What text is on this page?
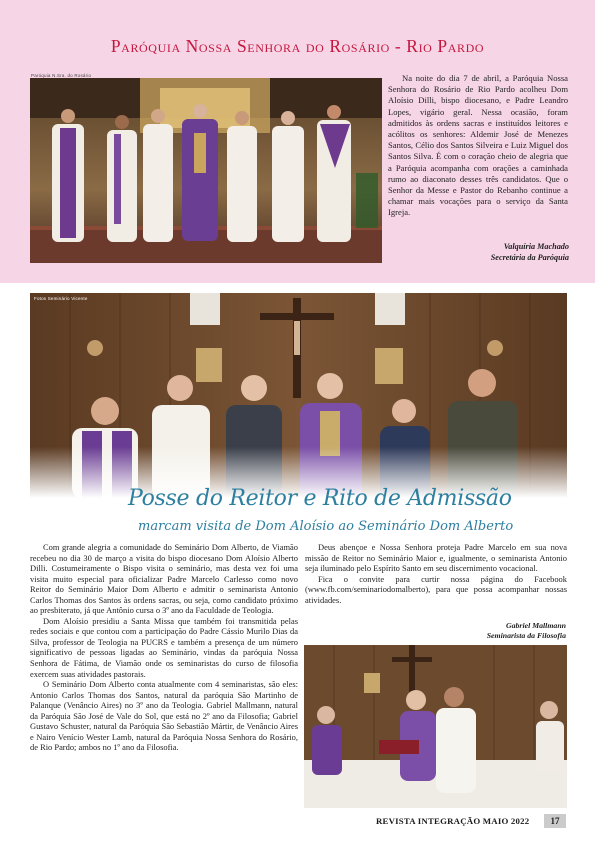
Paróquia Nossa Senhora do Rosário - Rio Pardo
Paróquia N.Sra. do Rosário	Na noite do dia 7 de abril, a Paróquia Nossa Senhora do Rosário de Rio Pardo acolheu Dom Aloísio Dilli, bispo diocesano, e Padre Leandro Lopes, vigário geral. Nessa ocasião, foram admitidos às ordens sacras e instituídos leitores e acólitos os senhores: Aldemir José de Menezes Santos, Célio dos Santos Silveira e Luiz Miguel dos Santos Silva. É com o coração cheio de alegria que a Paróquia acompanha com orações a caminhada rumo ao diaconato desses três candidatos. Que o Senhor da Messe e Pastor do Rebanho continue a chamar mais vocações para o serviço da Santa Igreja.
Valquíria Machado
Secretária da Paróquia
Fotos Seminário Vicente
Posse do Reitor e Rito de Admissão
marcam visita de Dom Aloísio ao Seminário Dom Alberto

Com grande alegria a comunidade do Seminário Dom Alberto, de Viamão recebeu no dia 30 de março a visita do bispo diocesano Dom Aloísio Alberto Dilli. Costumeiramente o Bispo visita o seminário, mas desta vez foi uma visita muito especial para oficializar Padre Marcelo Carlesso como novo Reitor do Seminário Maior Dom Alberto e admitir o seminarista Antonio Carlos Thomas dos Santos às ordens sacras, ou seja, como candidato próximo ao presbiterato, já que Antônio cursa o 3º ano da Faculdade de Teologia.

Dom Aloísio presidiu a Santa Missa que também foi transmitida pelas redes sociais e que contou com a participação do Padre Cássio Murilo Dias da Silva, professor de Teologia na PUCRS e também a presença de um número significativo de pessoas ligadas ao Seminário, vindas da paróquia Nossa Senhora de Fátima, de Viamão onde os seminaristas do curso de filosofia exercem suas atividades pastorais.

O Seminário Dom Alberto conta atualmente com 4 seminaristas, são eles: Antonio Carlos Thomas dos Santos, natural da paróquia São Martinho de Palanque (Venâncio Aires) no 3º ano da Teologia. Gabriel Mallmann, natural da Paróquia São José de Vale do Sol, que está no 2º ano da Filosofia; Gabriel Gustavo Schuster, natural da Paróquia São Sebastião Mártir, de Venâncio Aires e Nairo Venício Wester Lamb, natural da Paróquia Nossa Senhora do Rosário, de Rio Pardo; ambos no 1º ano da Filosofia.

Deus abençoe e Nossa Senhora proteja Padre Marcelo em sua nova missão de Reitor no Seminário Maior e, igualmente, o seminarista Antonio seja iluminado pelo Espírito Santo em seu discernimento vocacional.

Fica o convite para curtir nossa página do Facebook (www.fb.com/seminariodomalberto), para que possa acompanhar nossas atividades.

Gabriel Mallmann
Seminarista da Filosofia
REVISTA INTEGRAÇÃO MAIO 2022	17
